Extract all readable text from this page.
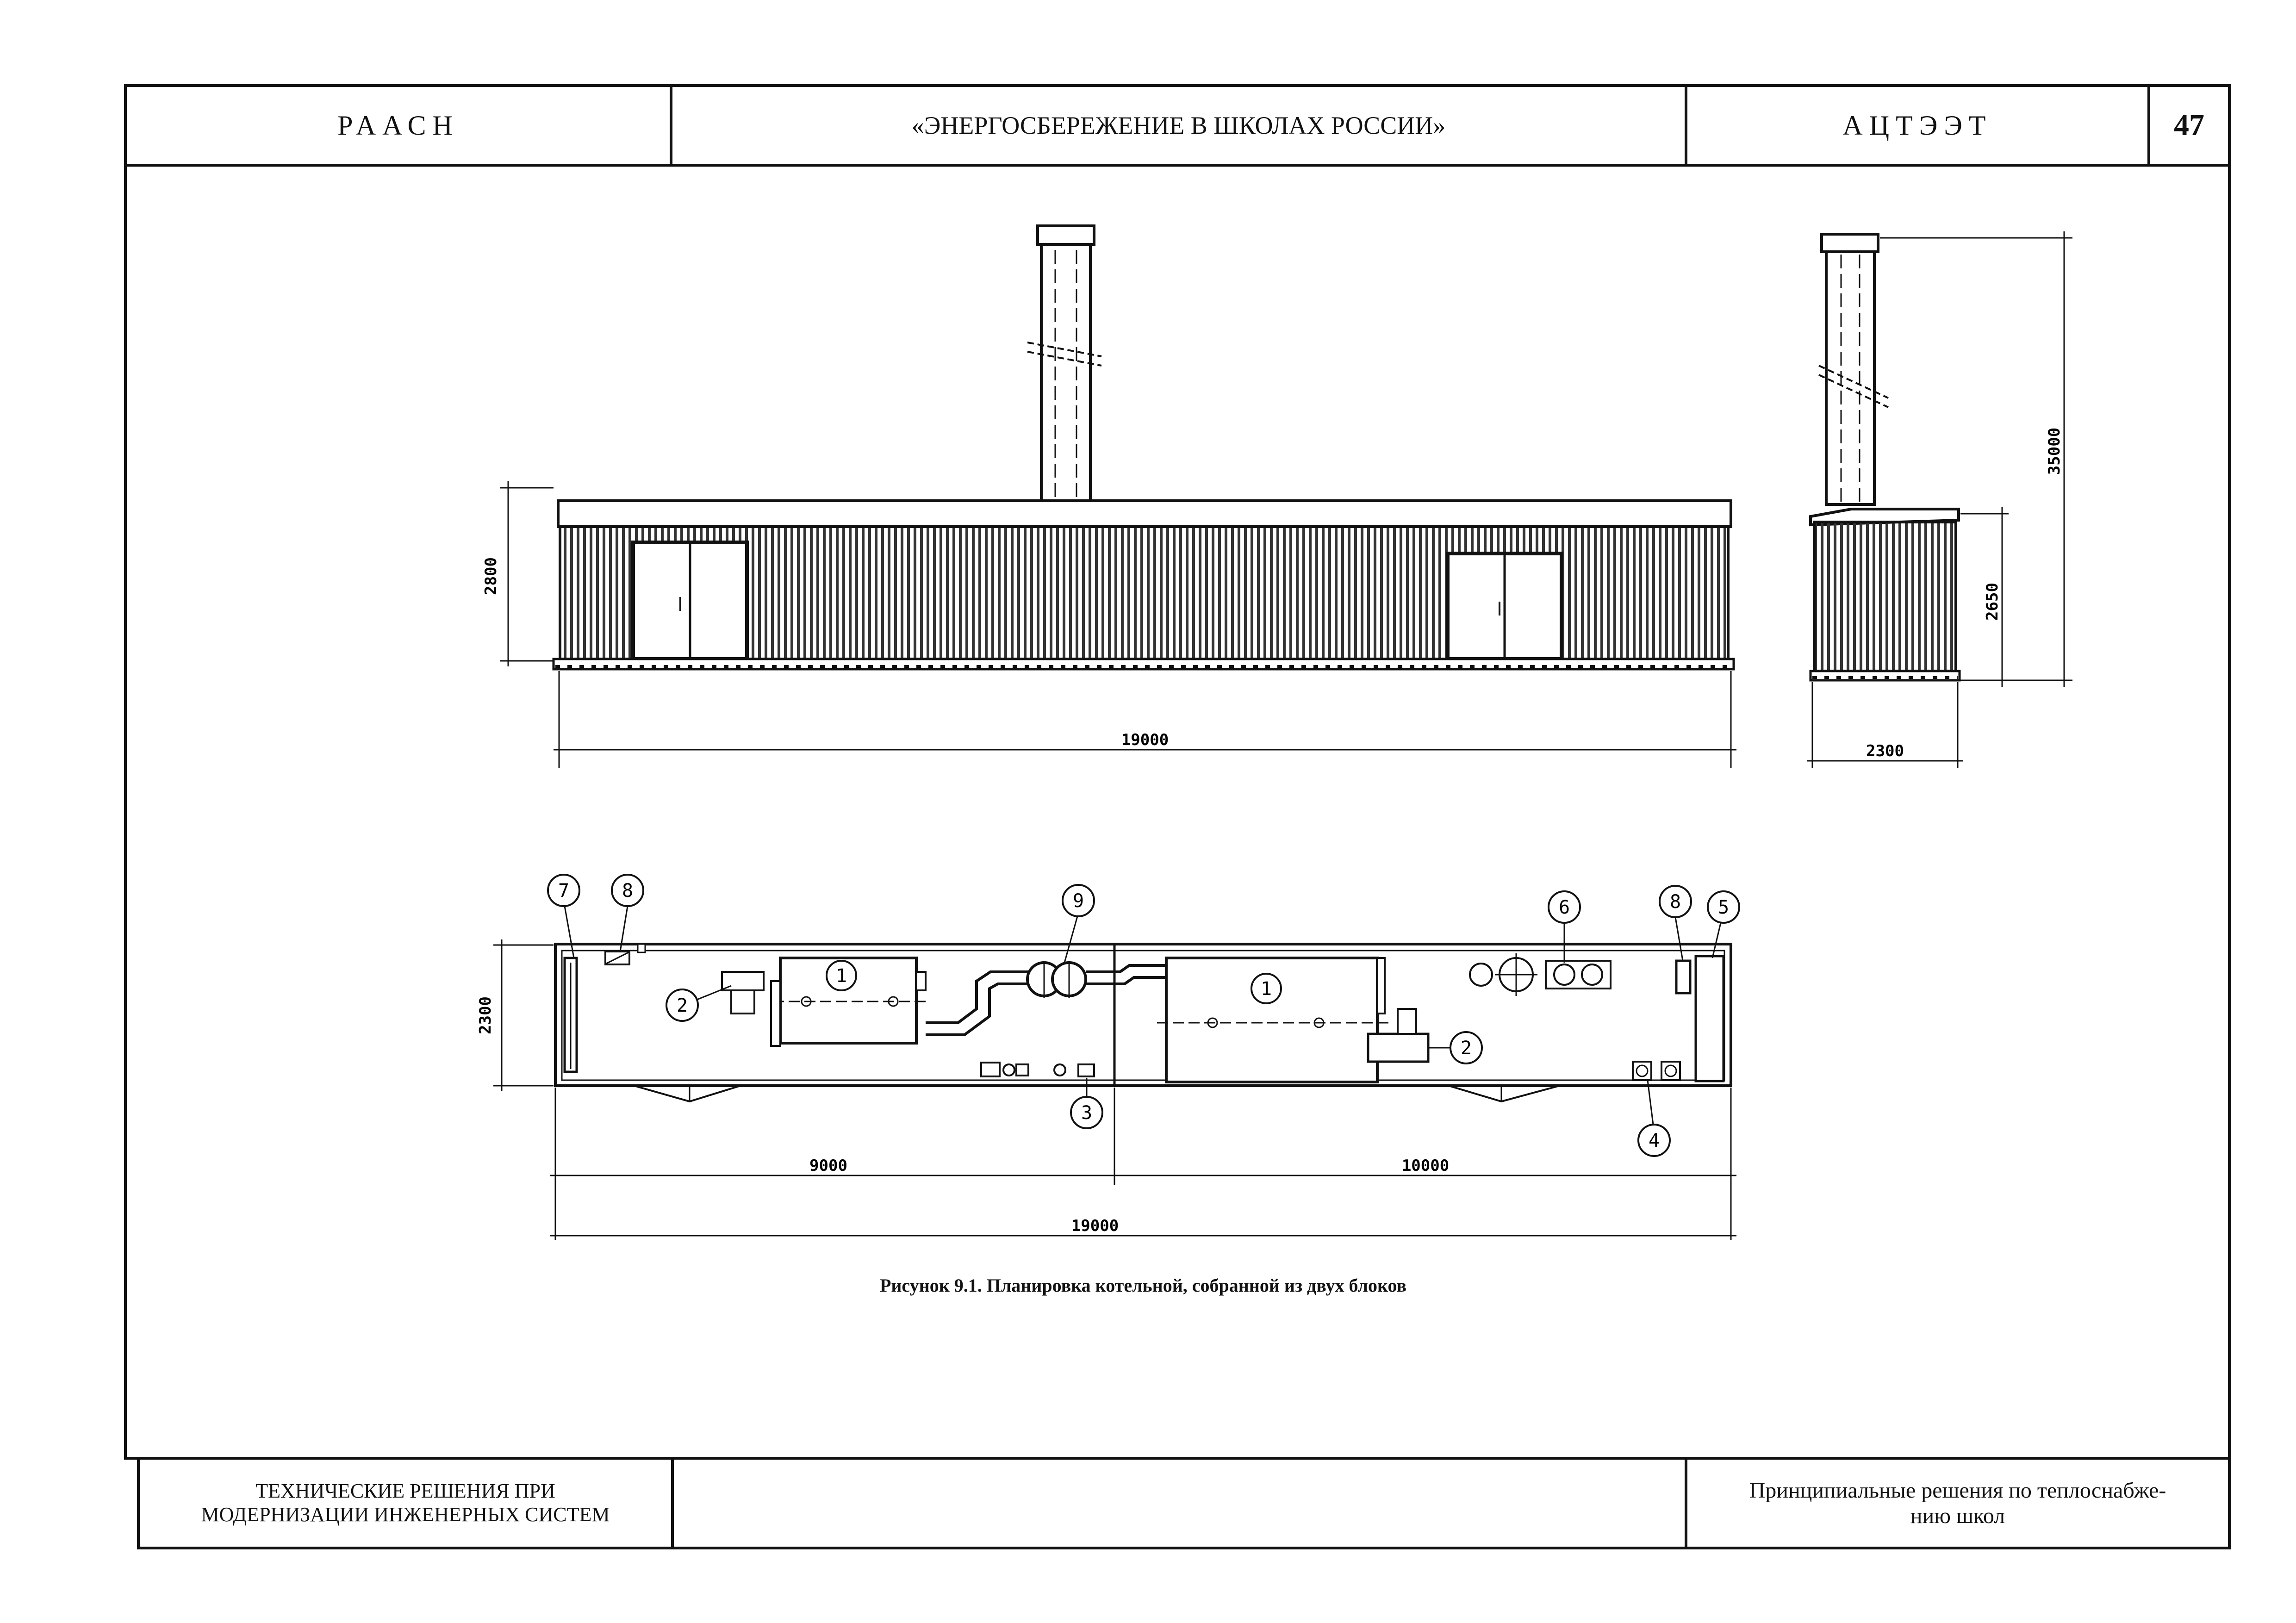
РААСН	«ЭНЕРГОСБЕРЕЖЕНИЕ В ШКОЛАХ РОССИИ»	АЦТЭЭТ	47
2800
19000
35000
2650
2300
7	8	9	6	8 5
2
1
1
2
3
4
2300
9000	10000
19000
Рисунок 9.1. Планировка котельной, собранной из двух блоков
ТЕХНИЧЕСКИЕ РЕШЕНИЯ ПРИ
МОДЕРНИЗАЦИИ ИНЖЕНЕРНЫХ СИСТЕМ
Принципиальные решения по теплоснабже-
нию школ
